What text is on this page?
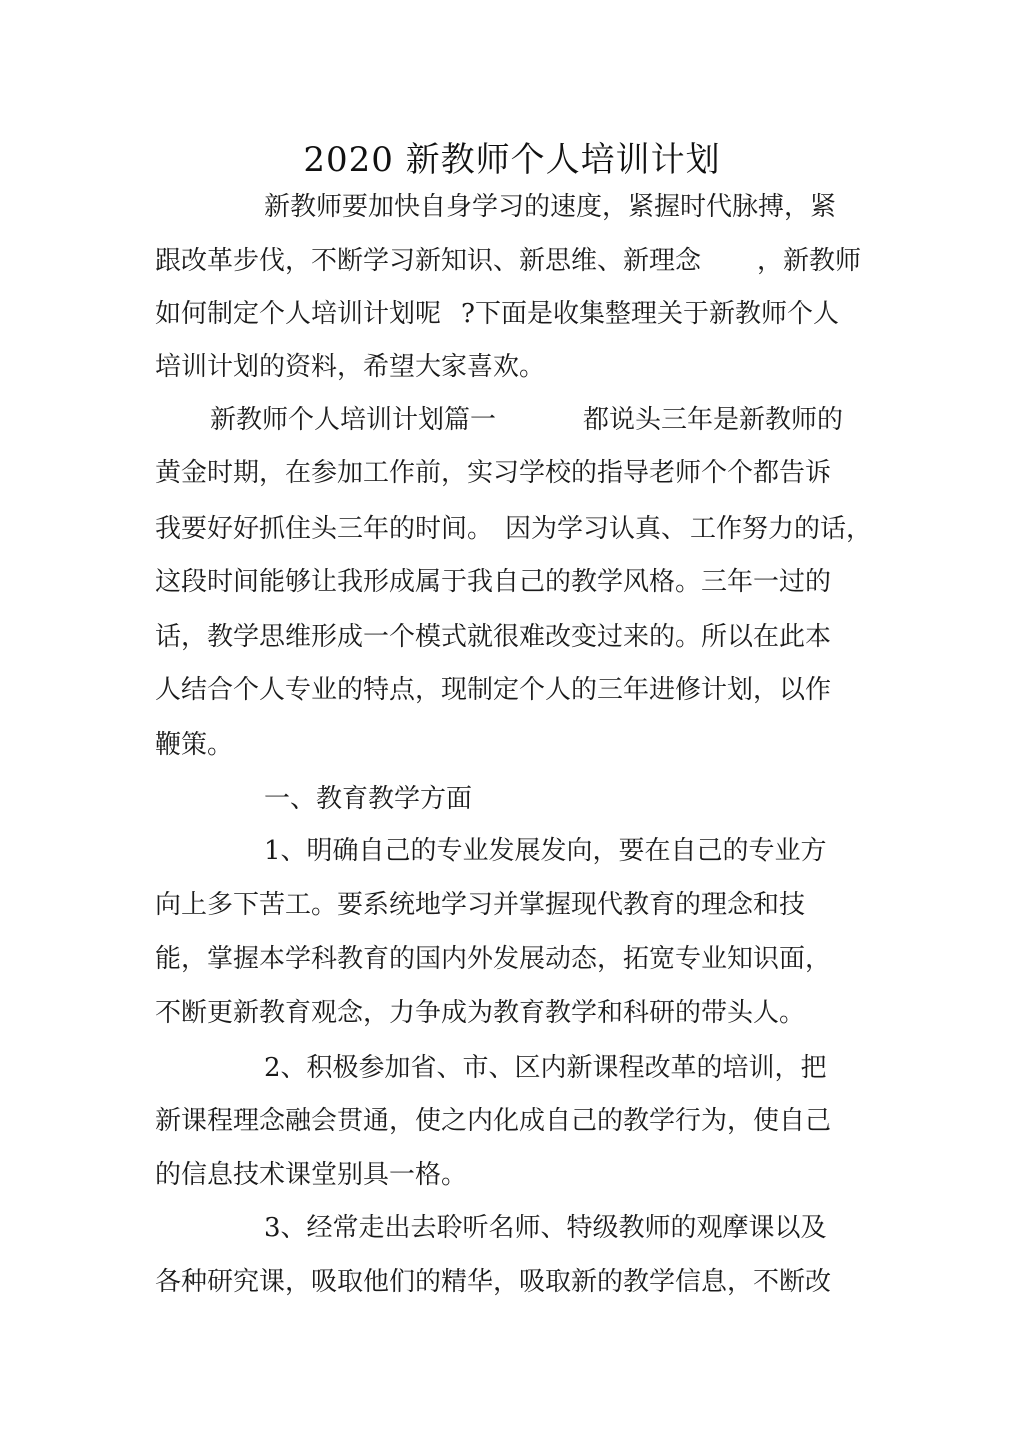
2020 新教师个人培训计划
新教师要加快自身学习的速度，紧握时代脉搏，紧
跟改革步伐，不断学习新知识、新思维、新理念 ，新教师
如何制定个人培训计划呢 ?下面是收集整理关于新教师个人
培训计划的资料，希望大家喜欢。
新教师个人培训计划篇一	都说头三年是新教师的
黄金时期，在参加工作前，实习学校的指导老师个个都告诉
我要好好抓住头三年的时间。 因为学习认真、 工作努力的话，
这段时间能够让我形成属于我自己的教学风格。三年一过的
话，教学思维形成一个模式就很难改变过来的。所以在此本
人结合个人专业的特点，现制定个人的三年进修计划，以作
鞭策。
一、教育教学方面
1、明确自己的专业发展发向，要在自己的专业方
向上多下苦工。要系统地学习并掌握现代教育的理念和技
能，掌握本学科教育的国内外发展动态，拓宽专业知识面，
不断更新教育观念，力争成为教育教学和科研的带头人。
2、积极参加省、市、区内新课程改革的培训，把
新课程理念融会贯通，使之内化成自己的教学行为，使自己
的信息技术课堂别具一格。
3、经常走出去聆听名师、特级教师的观摩课以及
各种研究课，吸取他们的精华，吸取新的教学信息，不断改
